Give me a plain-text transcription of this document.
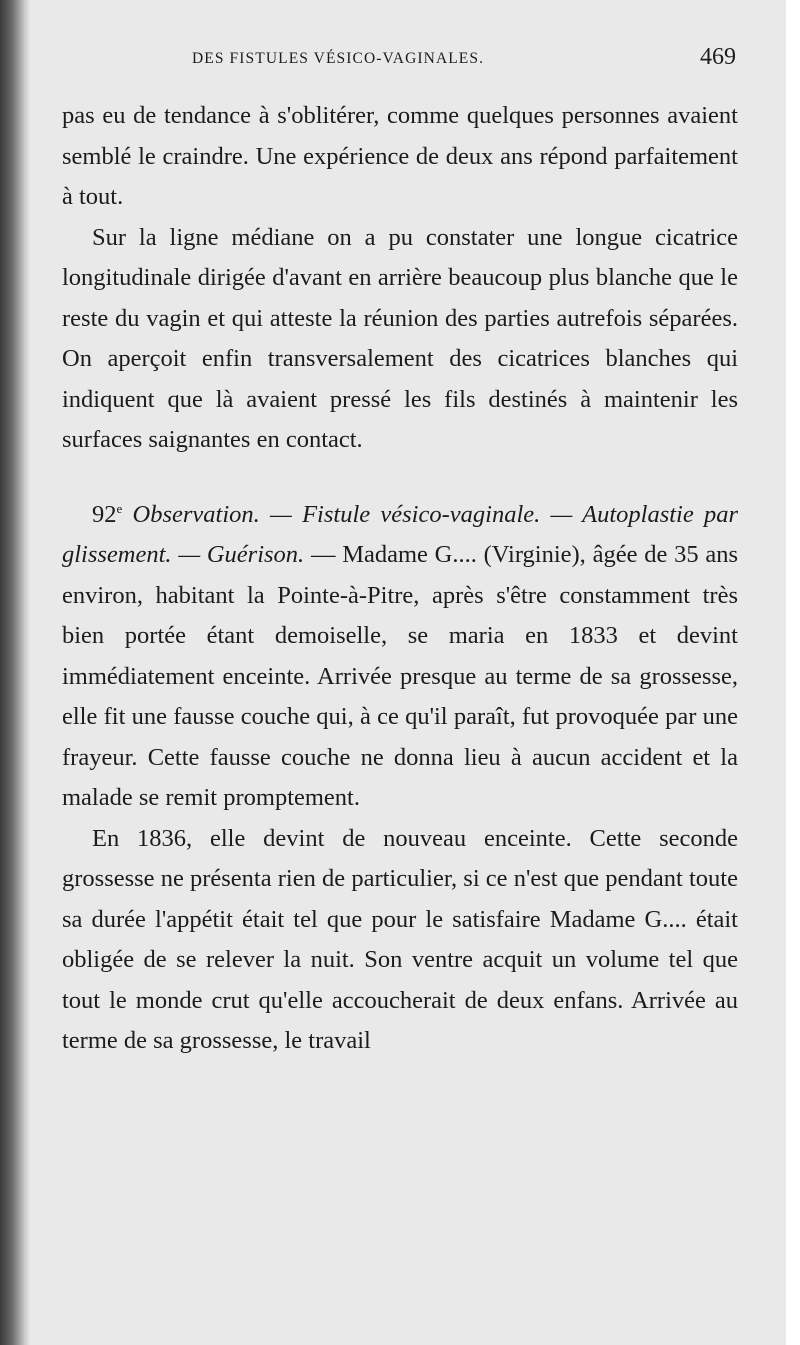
DES FISTULES VÉSICO-VAGINALES.	469

pas eu de tendance à s'oblitérer, comme quelques personnes avaient semblé le craindre. Une expérience de deux ans répond parfaitement à tout.

Sur la ligne médiane on a pu constater une longue cicatrice longitudinale dirigée d'avant en arrière beaucoup plus blanche que le reste du vagin et qui atteste la réunion des parties autrefois séparées. On aperçoit enfin transversalement des cicatrices blanches qui indiquent que là avaient pressé les fils destinés à maintenir les surfaces saignantes en contact.

92e Observation. — Fistule vésico-vaginale. — Autoplastie par glissement. — Guérison. — Madame G.... (Virginie), âgée de 35 ans environ, habitant la Pointe-à-Pitre, après s'être constamment très bien portée étant demoiselle, se maria en 1833 et devint immédiatement enceinte. Arrivée presque au terme de sa grossesse, elle fit une fausse couche qui, à ce qu'il paraît, fut provoquée par une frayeur. Cette fausse couche ne donna lieu à aucun accident et la malade se remit promptement.

En 1836, elle devint de nouveau enceinte. Cette seconde grossesse ne présenta rien de particulier, si ce n'est que pendant toute sa durée l'appétit était tel que pour le satisfaire Madame G.... était obligée de se relever la nuit. Son ventre acquit un volume tel que tout le monde crut qu'elle accoucherait de deux enfans. Arrivée au terme de sa grossesse, le travail
